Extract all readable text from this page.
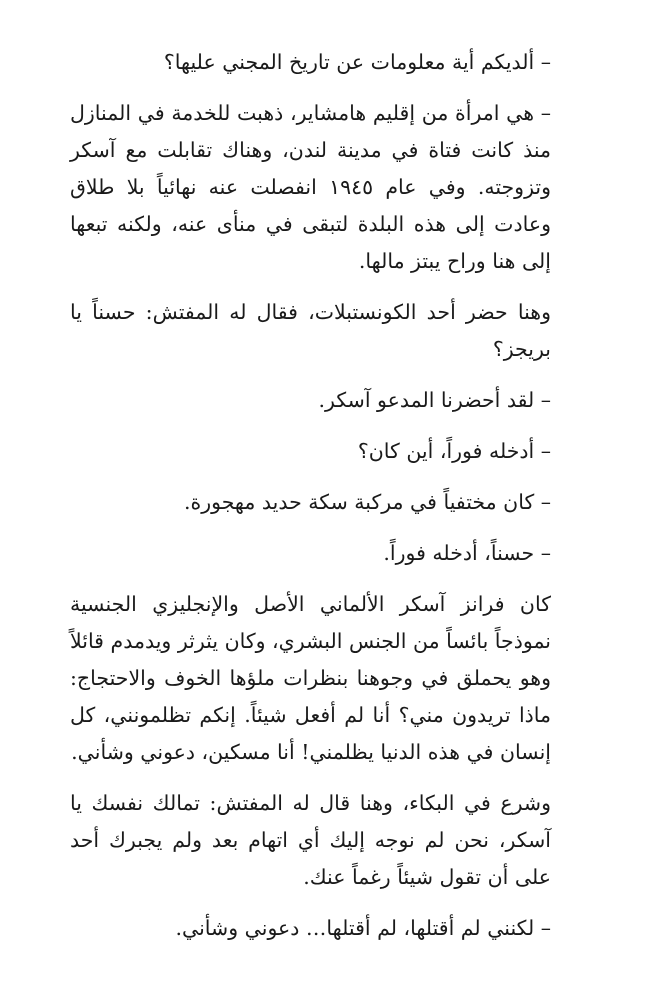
– ألديكم أية معلومات عن تاريخ المجني عليها؟

– هي امرأة من إقليم هامشاير، ذهبت للخدمة في المنازل منذ كانت فتاة في مدينة لندن، وهناك تقابلت مع آسكر وتزوجته. وفي عام ١٩٤٥ انفصلت عنه نهائياً بلا طلاق وعادت إلى هذه البلدة لتبقى في منأى عنه، ولكنه تبعها إلى هنا وراح يبتز مالها.

وهنا حضر أحد الكونستبلات، فقال له المفتش: حسناً يا بريجز؟

– لقد أحضرنا المدعو آسكر.

– أدخله فوراً، أين كان؟

– كان مختفياً في مركبة سكة حديد مهجورة.

– حسناً، أدخله فوراً.

كان فرانز آسكر الألماني الأصل والإنجليزي الجنسية نموذجاً بائساً من الجنس البشري، وكان يثرثر ويدمدم قائلاً وهو يحملق في وجوهنا بنظرات ملؤها الخوف والاحتجاج: ماذا تريدون مني؟ أنا لم أفعل شيئاً. إنكم تظلمونني، كل إنسان في هذه الدنيا يظلمني! أنا مسكين، دعوني وشأني.

وشرع في البكاء، وهنا قال له المفتش: تمالك نفسك يا آسكر، نحن لم نوجه إليك أي اتهام بعد ولم يجبرك أحد على أن تقول شيئاً رغماً عنك.

– لكنني لم أقتلها، لم أقتلها… دعوني وشأني.
